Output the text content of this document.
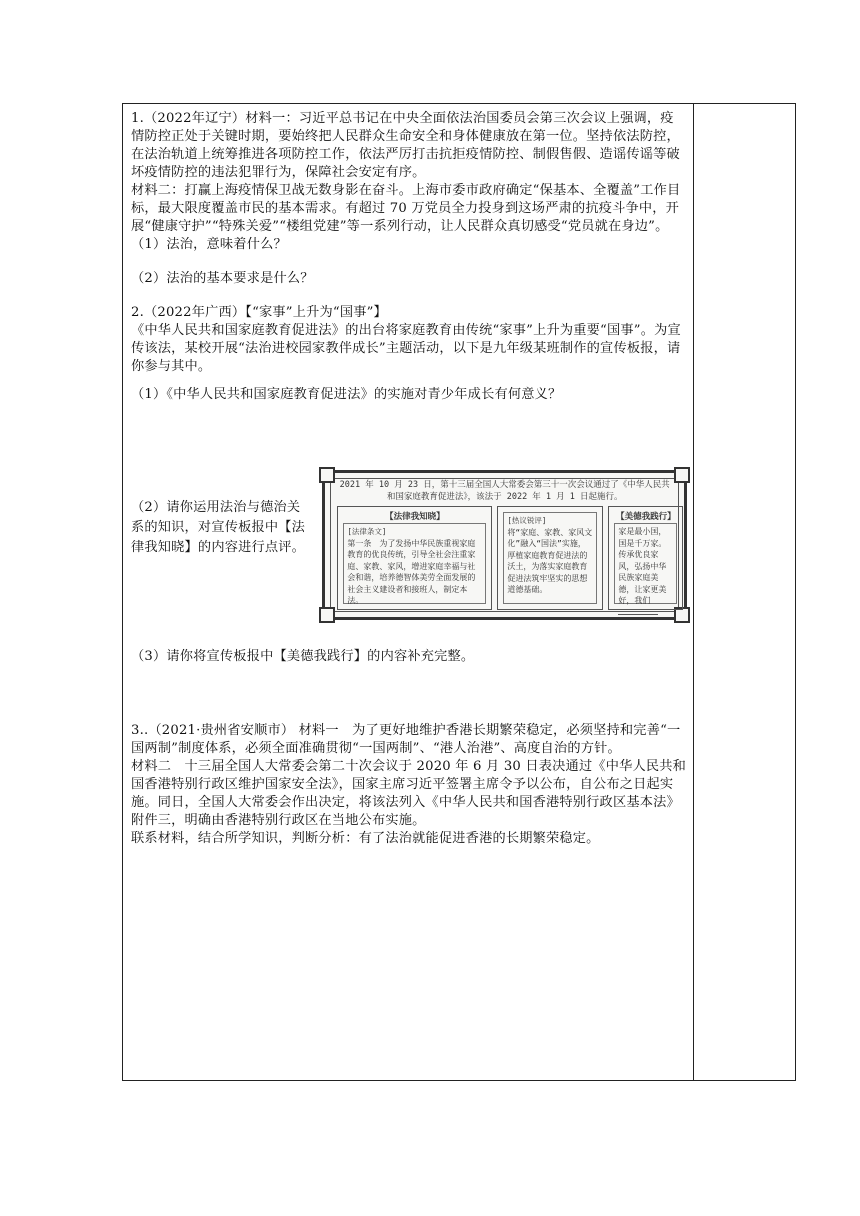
1.（2022年辽宁）材料一：习近平总书记在中央全面依法治国委员会第三次会议上强调，疫情防控正处于关键时期，要始终把人民群众生命安全和身体健康放在第一位。坚持依法防控，在法治轨道上统筹推进各项防控工作，依法严厉打击抗拒疫情防控、制假售假、造谣传谣等破坏疫情防控的违法犯罪行为，保障社会安定有序。

材料二：打赢上海疫情保卫战无数身影在奋斗。上海市委市政府确定“保基本、全覆盖”工作目标，最大限度覆盖市民的基本需求。有超过 70 万党员全力投身到这场严肃的抗疫斗争中，开展“健康守护”“特殊关爱”“楼组党建”等一系列行动，让人民群众真切感受“党员就在身边”。

（1）法治，意味着什么？

（2）法治的基本要求是什么？

2.（2022年广西）【“家事”上升为“国事”】

《中华人民共和国家庭教育促进法》的出台将家庭教育由传统“家事”上升为重要“国事”。为宣传该法，某校开展“法治进校园家教伴成长”主题活动，以下是九年级某班制作的宣传板报，请你参与其中。

（1）《中华人民共和国家庭教育促进法》的实施对青少年成长有何意义？

（2）请你运用法治与德治关系的知识，对宣传板报中【法律我知晓】的内容进行点评。

2021 年 10 月 23 日，第十三届全国人大常委会第三十一次会议通过了《中华人民共和国家庭教育促进法》，该法于 2022 年 1 月 1 日起施行。
【法律我知晓】
[法律条文]
第一条　为了发扬中华民族重视家庭教育的优良传统，引导全社会注重家庭、家教、家风，增进家庭幸福与社会和谐，培养德智体美劳全面发展的社会主义建设者和接班人，制定本法。
[热议锐评]
将“家庭、家教、家风文化”融入“国法”实施，厚植家庭教育促进法的沃土，为落实家庭教育促进法筑牢坚实的思想道德基础。
【美德我践行】
家是最小国，国是千万家。传承优良家风，弘扬中华民族家庭美德，让家更美好，我们

（3）请你将宣传板报中【美德我践行】的内容补充完整。

3..（2021·贵州省安顺市） 材料一　为了更好地维护香港长期繁荣稳定，必须坚持和完善“一国两制”制度体系，必须全面准确贯彻“一国两制”、“港人治港”、高度自治的方针。

材料二　十三届全国人大常委会第二十次会议于 2020 年 6 月 30 日表决通过《中华人民共和国香港特别行政区维护国家安全法》，国家主席习近平签署主席令予以公布，自公布之日起实施。同日，全国人大常委会作出决定，将该法列入《中华人民共和国香港特别行政区基本法》附件三，明确由香港特别行政区在当地公布实施。

联系材料，结合所学知识，判断分析：有了法治就能促进香港的长期繁荣稳定。
